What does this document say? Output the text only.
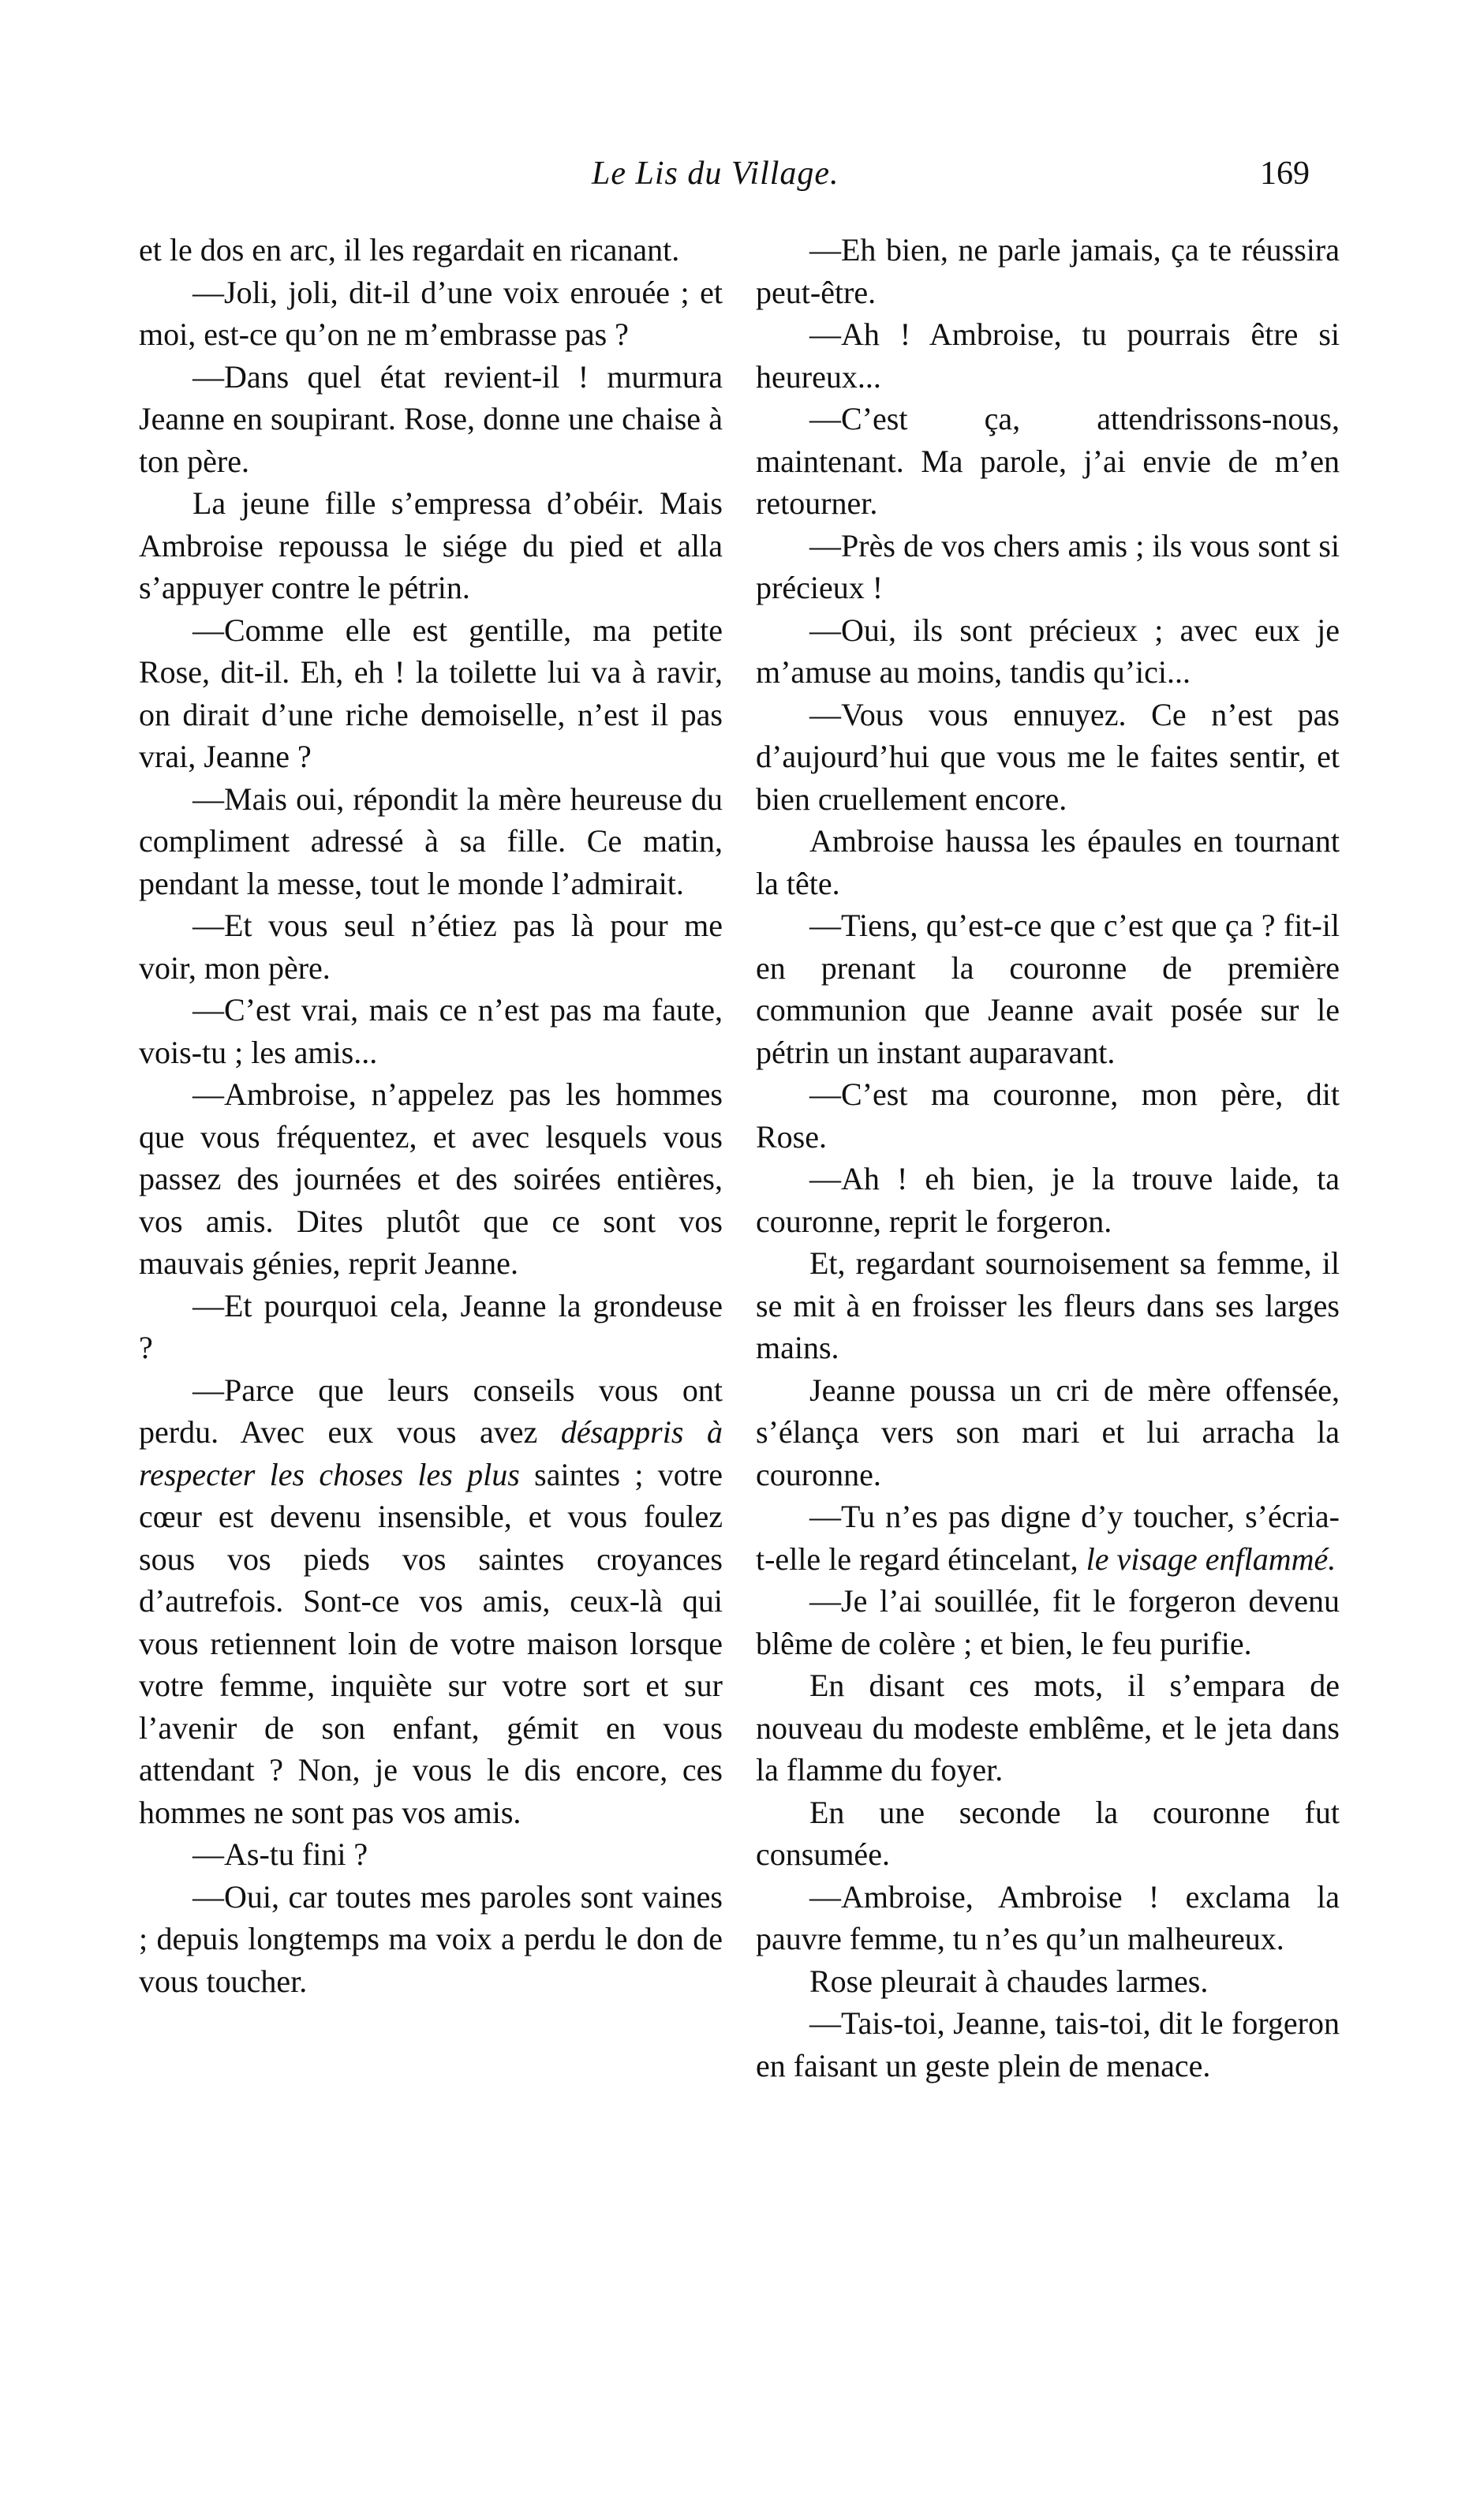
Le Lis du Village.	169

et le dos en arc, il les regardait en ricanant.

—Joli, joli, dit-il d’une voix enrouée ; et moi, est-ce qu’on ne m’embrasse pas ?

—Dans quel état revient-il ! murmura Jeanne en soupirant. Rose, donne une chaise à ton père.

La jeune fille s’empressa d’obéir. Mais Ambroise repoussa le siége du pied et alla s’appuyer contre le pétrin.

—Comme elle est gentille, ma petite Rose, dit-il. Eh, eh ! la toilette lui va à ravir, on dirait d’une riche demoiselle, n’est il pas vrai, Jeanne ?

—Mais oui, répondit la mère heureuse du compliment adressé à sa fille. Ce matin, pendant la messe, tout le monde l’admirait.

—Et vous seul n’étiez pas là pour me voir, mon père.

—C’est vrai, mais ce n’est pas ma faute, vois-tu ; les amis...

—Ambroise, n’appelez pas les hommes que vous fréquentez, et avec lesquels vous passez des journées et des soirées entières, vos amis. Dites plutôt que ce sont vos mauvais génies, reprit Jeanne.

—Et pourquoi cela, Jeanne la grondeuse ?

—Parce que leurs conseils vous ont perdu. Avec eux vous avez désappris à respecter les choses les plus saintes ; votre cœur est devenu insensible, et vous foulez sous vos pieds vos saintes croyances d’autrefois. Sont-ce vos amis, ceux-là qui vous retiennent loin de votre maison lorsque votre femme, inquiète sur votre sort et sur l’avenir de son enfant, gémit en vous attendant ? Non, je vous le dis encore, ces hommes ne sont pas vos amis.

—As-tu fini ?

—Oui, car toutes mes paroles sont vaines ; depuis longtemps ma voix a perdu le don de vous toucher.

—Eh bien, ne parle jamais, ça te réussira peut-être.

—Ah ! Ambroise, tu pourrais être si heureux...

—C’est ça, attendrissons-nous, maintenant. Ma parole, j’ai envie de m’en retourner.

—Près de vos chers amis ; ils vous sont si précieux !

—Oui, ils sont précieux ; avec eux je m’amuse au moins, tandis qu’ici...

—Vous vous ennuyez. Ce n’est pas d’aujourd’hui que vous me le faites sentir, et bien cruellement encore.

Ambroise haussa les épaules en tournant la tête.

—Tiens, qu’est-ce que c’est que ça ? fit-il en prenant la couronne de première communion que Jeanne avait posée sur le pétrin un instant auparavant.

—C’est ma couronne, mon père, dit Rose.

—Ah ! eh bien, je la trouve laide, ta couronne, reprit le forgeron.

Et, regardant sournoisement sa femme, il se mit à en froisser les fleurs dans ses larges mains.

Jeanne poussa un cri de mère offensée, s’élança vers son mari et lui arracha la couronne.

—Tu n’es pas digne d’y toucher, s’écria-t-elle le regard étincelant, le visage enflammé.

—Je l’ai souillée, fit le forgeron devenu blême de colère ; et bien, le feu purifie.

En disant ces mots, il s’empara de nouveau du modeste emblême, et le jeta dans la flamme du foyer.

En une seconde la couronne fut consumée.

—Ambroise, Ambroise ! exclama la pauvre femme, tu n’es qu’un malheureux.

Rose pleurait à chaudes larmes.

—Tais-toi, Jeanne, tais-toi, dit le forgeron en faisant un geste plein de menace.
